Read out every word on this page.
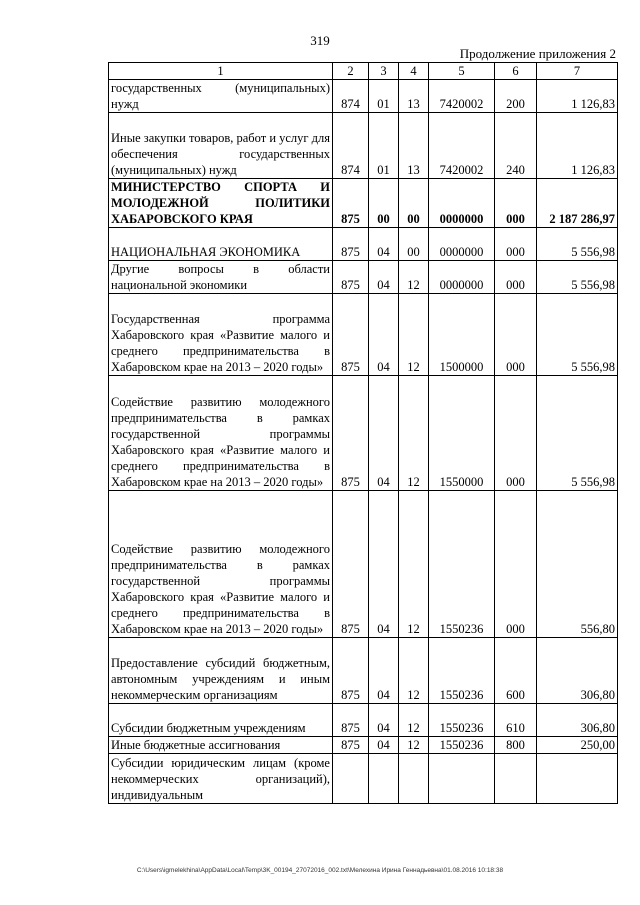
319
Продолжение приложения 2
1	2	3	4	5	6	7
государственных (муниципальных) нужд	874	01	13	7420002	200	1 126,83
Иные закупки товаров, работ и услуг для обеспечения государственных (муниципальных) нужд	874	01	13	7420002	240	1 126,83
МИНИСТЕРСТВО СПОРТА И МОЛОДЕЖНОЙ ПОЛИТИКИ ХАБАРОВСКОГО КРАЯ	875	00	00	0000000	000	2 187 286,97
НАЦИОНАЛЬНАЯ ЭКОНОМИКА	875	04	00	0000000	000	5 556,98
Другие вопросы в области национальной экономики	875	04	12	0000000	000	5 556,98
Государственная программа Хабаровского края «Развитие малого и среднего предпринимательства в Хабаровском крае на 2013 – 2020 годы»	875	04	12	1500000	000	5 556,98
Содействие развитию молодежного предпринимательства в рамках государственной программы Хабаровского края «Развитие малого и среднего предпринимательства в Хабаровском крае на 2013 – 2020 годы»	875	04	12	1550000	000	5 556,98
Содействие развитию молодежного предпринимательства в рамках государственной программы Хабаровского края «Развитие малого и среднего предпринимательства в Хабаровском крае на 2013 – 2020 годы»	875	04	12	1550236	000	556,80
Предоставление субсидий бюджетным, автономным учреждениям и иным некоммерческим организациям	875	04	12	1550236	600	306,80
Субсидии бюджетным учреждениям	875	04	12	1550236	610	306,80
Иные бюджетные ассигнования	875	04	12	1550236	800	250,00
Субсидии юридическим лицам (кроме некоммерческих организаций), индивидуальным						
C:\Users\igmelekhina\AppData\Local\Temp\3K_00194_27072016_002.txt\Мелехина Ирина Геннадьевна\01.08.2016 10:18:38
